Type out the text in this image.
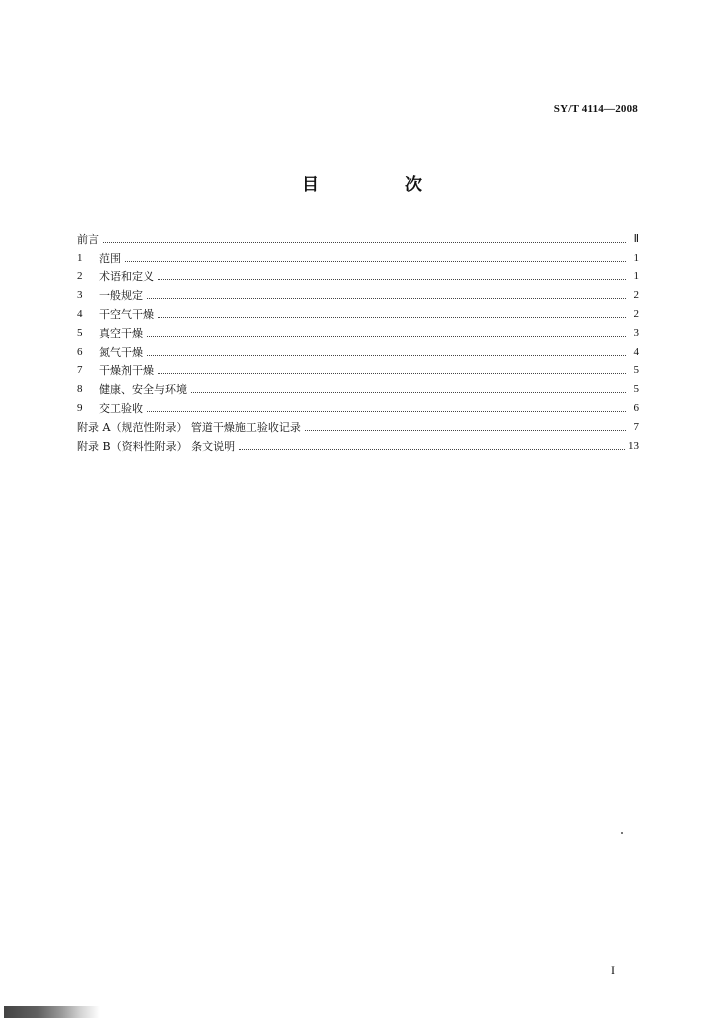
SY/T 4114—2008
目 次
前言	Ⅱ
1	范围	1
2	术语和定义	1
3	一般规定	2
4	干空气干燥	2
5	真空干燥	3
6	氮气干燥	4
7	干燥剂干燥	5
8	健康、安全与环境	5
9	交工验收	6
附录 A（规范性附录） 管道干燥施工验收记录	7
附录 B（资料性附录） 条文说明	13
I
